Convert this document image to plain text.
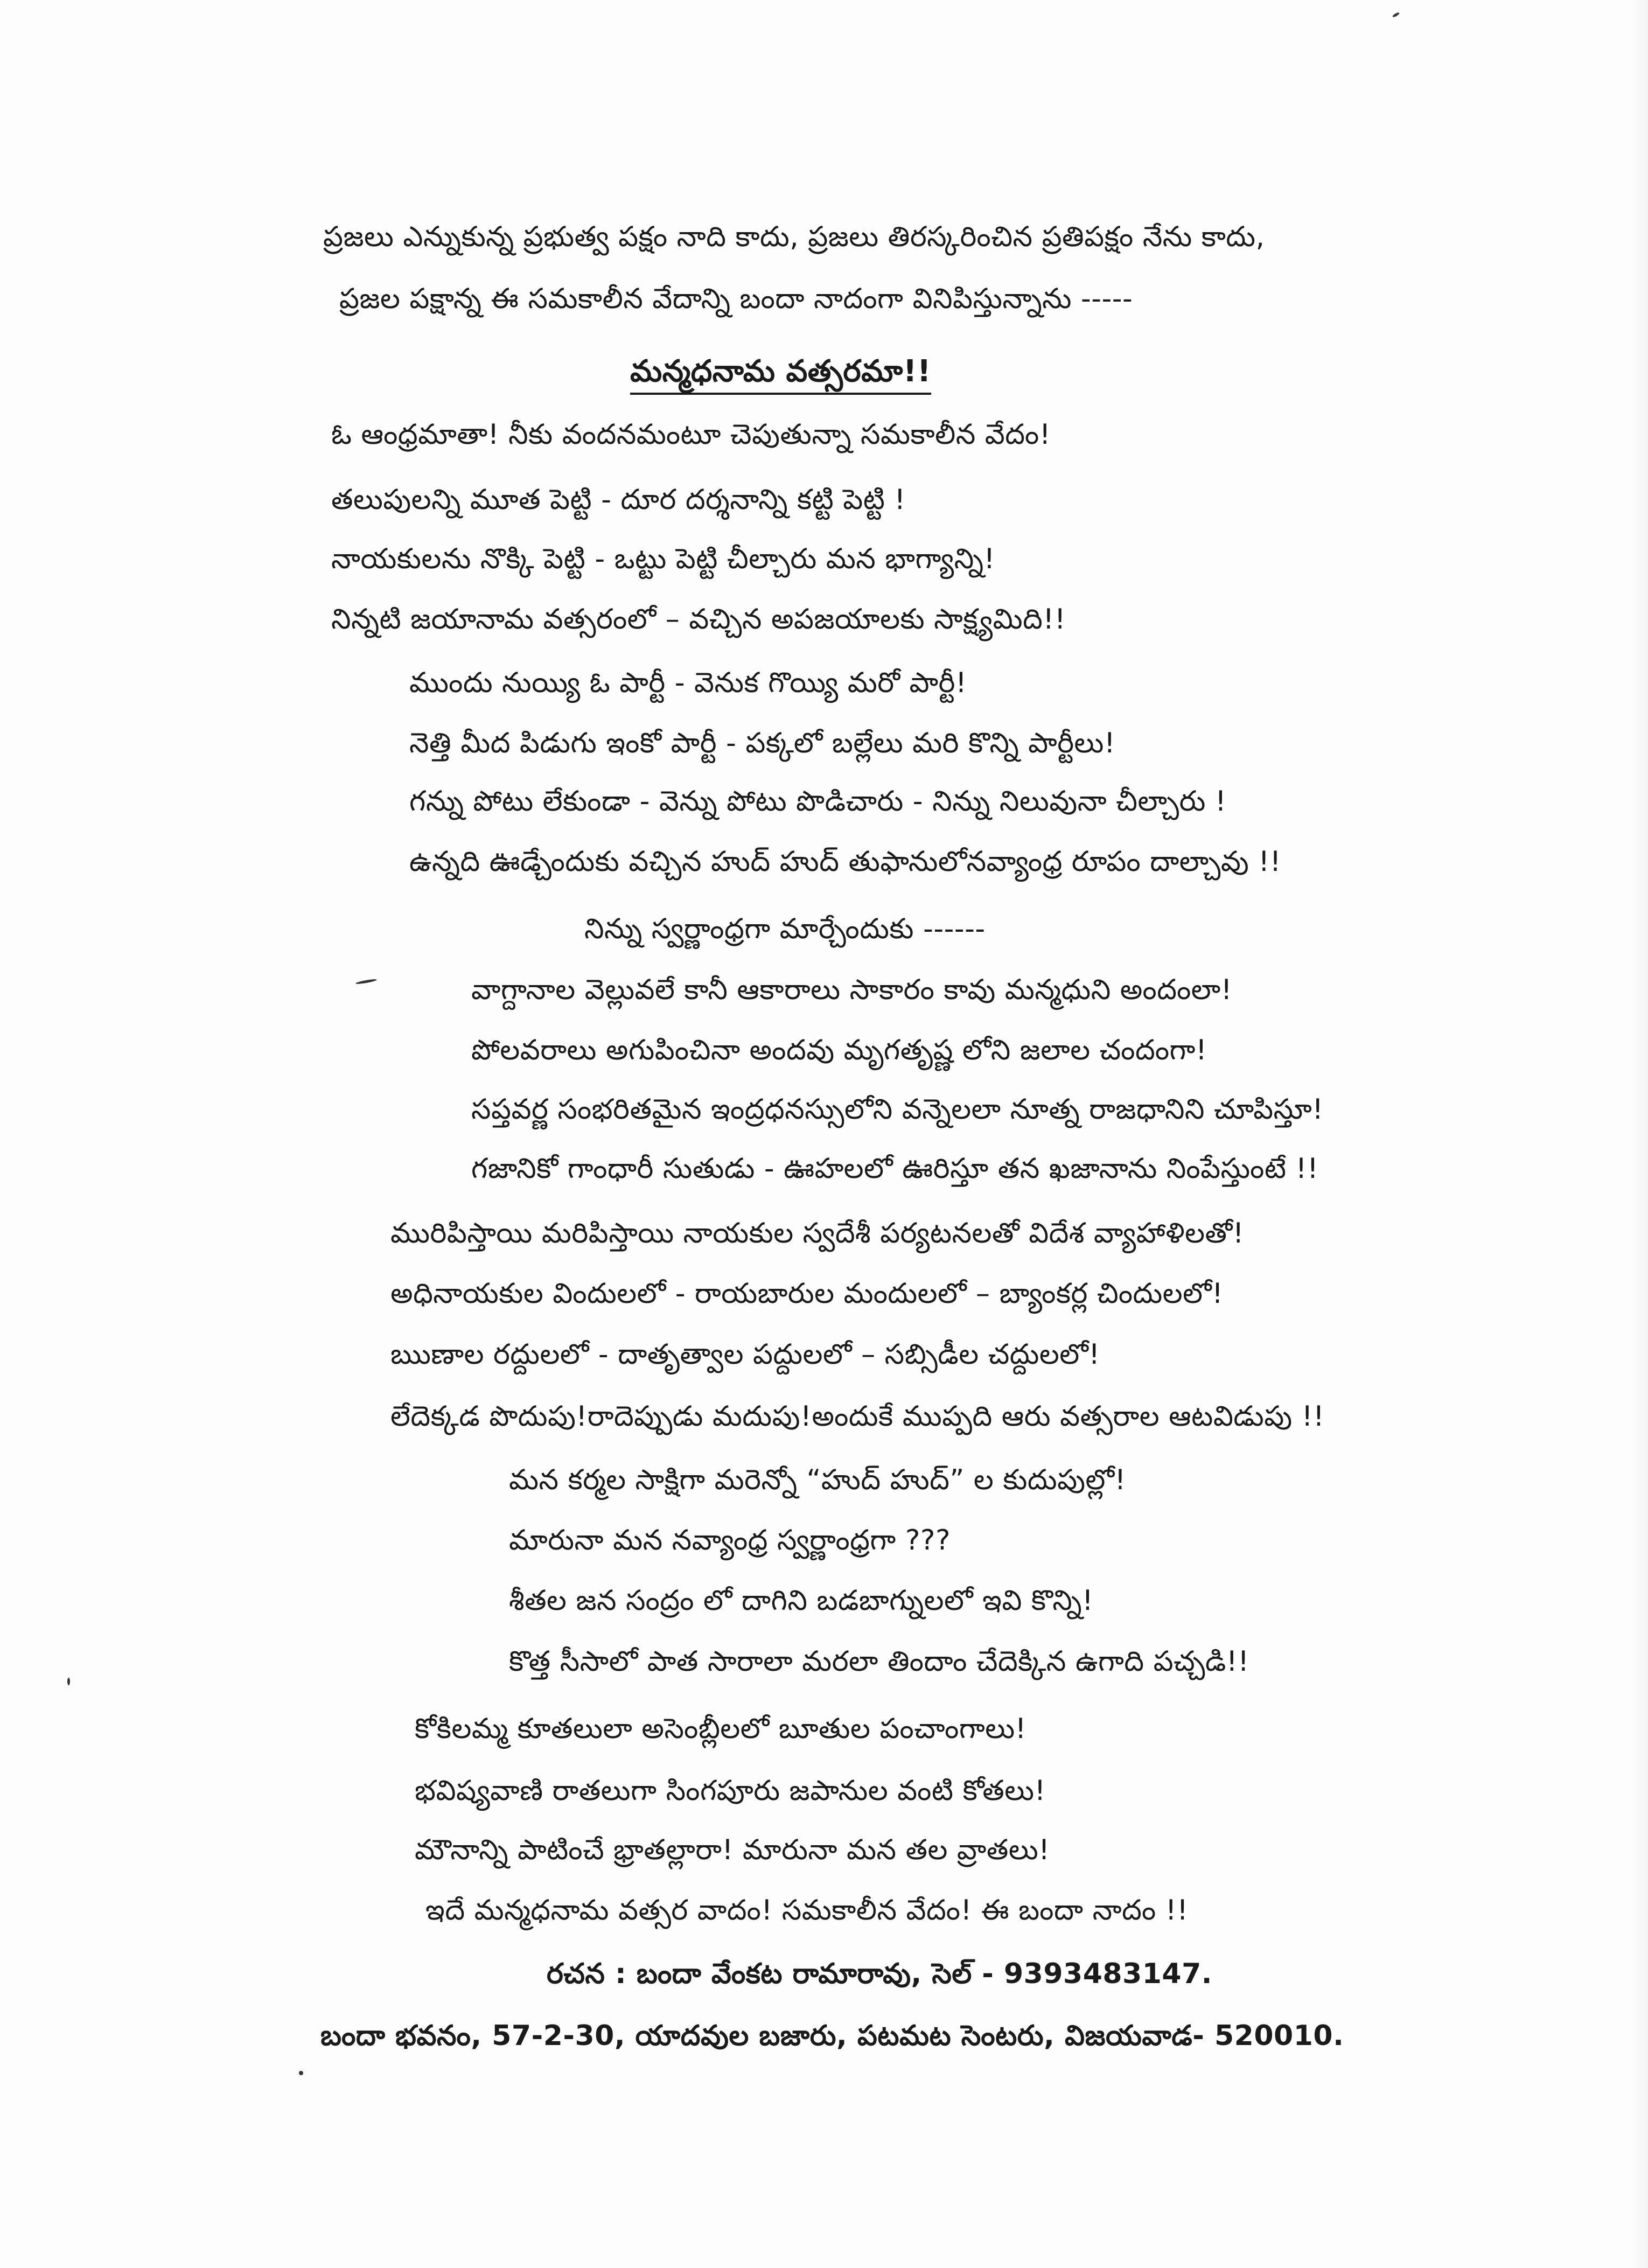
ప్రజలు ఎన్నుకున్న ప్రభుత్వ పక్షం నాది కాదు, ప్రజలు తిరస్కరించిన ప్రతిపక్షం నేను కాదు,
ప్రజల పక్షాన్న ఈ సమకాలీన వేదాన్ని బందా నాదంగా వినిపిస్తున్నాను -----
మన్మధనామ వత్సరమా!!
ఓ ఆంధ్రమాతా! నీకు వందనమంటూ చెపుతున్నా సమకాలీన వేదం!
తలుపులన్ని మూత పెట్టి - దూర దర్శనాన్ని కట్టి పెట్టి !
నాయకులను నొక్కి పెట్టి - ఒట్టు పెట్టి చీల్చారు మన భాగ్యాన్ని!
నిన్నటి జయానామ వత్సరంలో – వచ్చిన అపజయాలకు సాక్ష్యమిది!!
ముందు నుయ్యి ఓ పార్టీ - వెనుక గొయ్యి మరో పార్టీ!
నెత్తి మీద పిడుగు ఇంకో పార్టీ - పక్కలో బల్లేలు మరి కొన్ని పార్టీలు!
గన్ను పోటు లేకుండా - వెన్ను పోటు పొడిచారు - నిన్ను నిలువునా చీల్చారు !
ఉన్నది ఊడ్చేందుకు వచ్చిన హుద్ హుద్ తుఫానులోనవ్యాంధ్ర రూపం దాల్చావు !!
నిన్ను స్వర్ణాంధ్రగా మార్చేందుకు ------
వాగ్దానాల వెల్లువలే కానీ ఆకారాలు సాకారం కావు మన్మధుని అందంలా!
పోలవరాలు అగుపించినా అందవు మృగతృష్ణ లోని జలాల చందంగా!
సప్తవర్ణ సంభరితమైన ఇంద్రధనస్సులోని వన్నెలలా నూత్న రాజధానిని చూపిస్తూ!
గజానికో గాంధారీ సుతుడు - ఊహలలో ఊరిస్తూ తన ఖజానాను నింపేస్తుంటే !!
మురిపిస్తాయి మరిపిస్తాయి నాయకుల స్వదేశీ పర్యటనలతో విదేశ వ్యాహాళిలతో!
అధినాయకుల విందులలో - రాయబారుల మందులలో – బ్యాంకర్ల చిందులలో!
ఋణాల రద్దులలో - దాతృత్వాల పద్దులలో – సబ్సిడీల చద్దులలో!
లేదెక్కడ పొదుపు!రాదెప్పుడు మదుపు!అందుకే ముప్పది ఆరు వత్సరాల ఆటవిడుపు !!
మన కర్మల సాక్షిగా మరెన్నో “హుద్ హుద్” ల కుదుపుల్లో!
మారునా మన నవ్యాంధ్ర స్వర్ణాంధ్రగా ???
శీతల జన సంద్రం లో దాగిని బడబాగ్నులలో ఇవి కొన్ని!
కొత్త సీసాలో పాత సారాలా మరలా తిందాం చేదెక్కిన ఉగాది పచ్చడి!!
కోకిలమ్మ కూతలులా అసెంబ్లీలలో బూతుల పంచాంగాలు!
భవిష్యవాణి రాతలుగా సింగపూరు జపానుల వంటి కోతలు!
మౌనాన్ని పాటించే భ్రాతల్లారా! మారునా మన తల వ్రాతలు!
ఇదే మన్మధనామ వత్సర వాదం! సమకాలీన వేదం! ఈ బందా నాదం !!
రచన : బందా వేంకట రామారావు, సెల్ - 9393483147.
బందా భవనం, 57-2-30, యాదవుల బజారు, పటమట సెంటరు, విజయవాడ- 520010.
